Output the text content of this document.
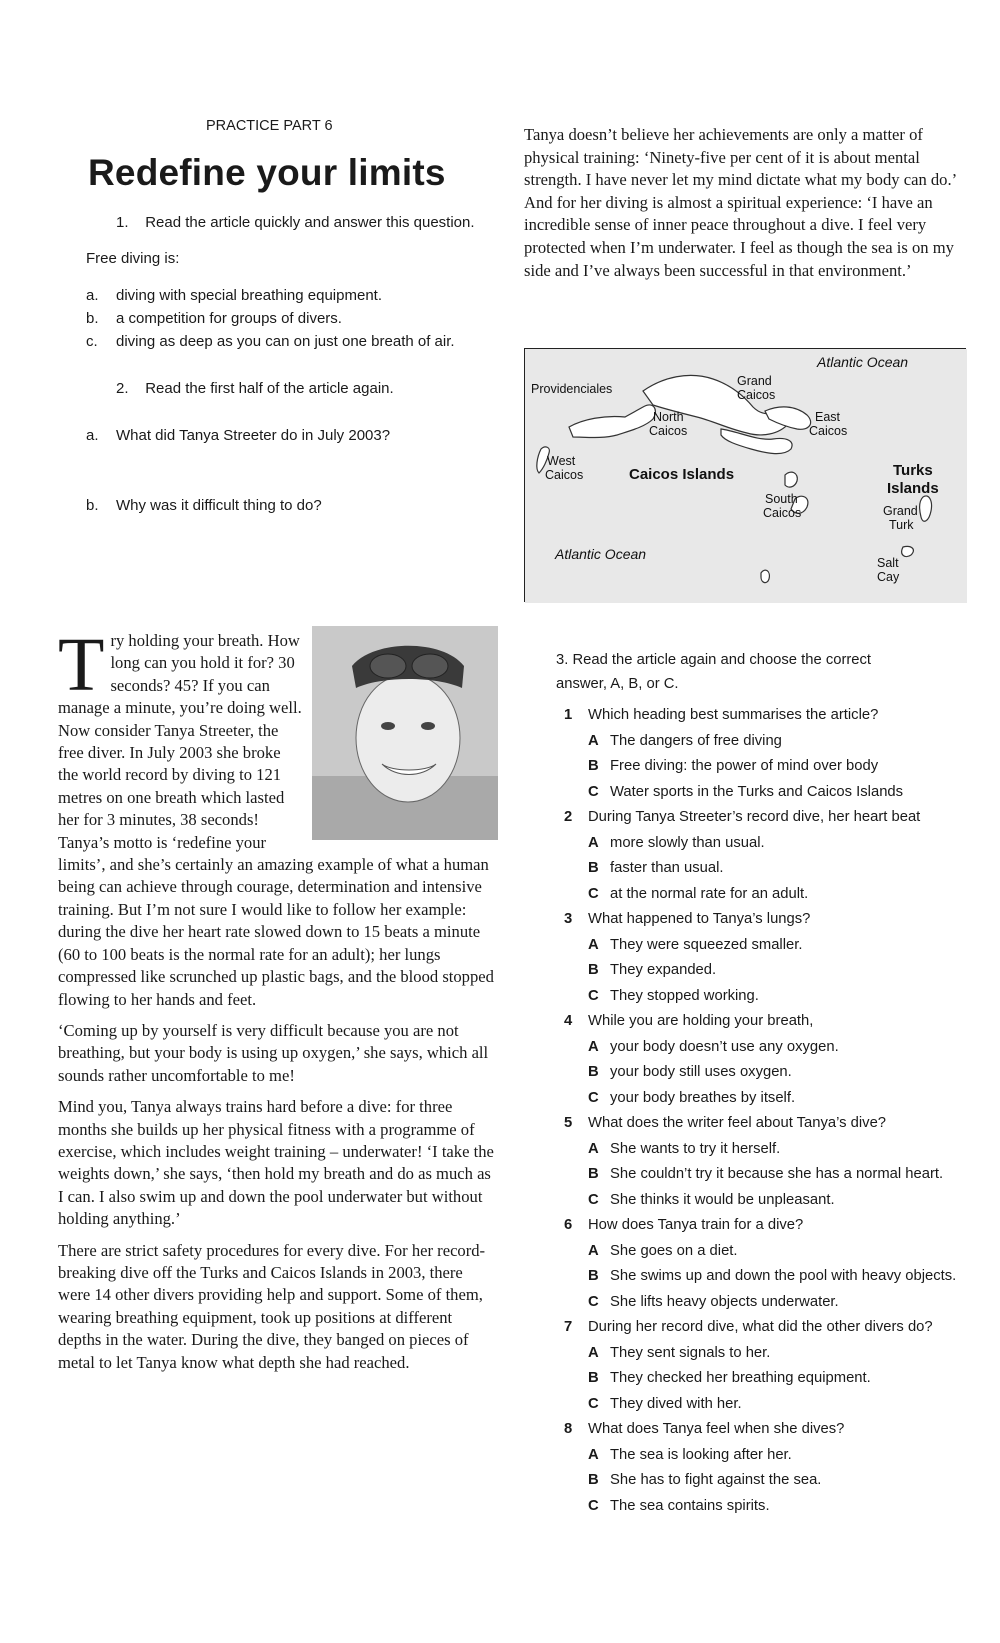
PRACTICE PART 6
Redefine your limits
1. Read the article quickly and answer this question.
Free diving is:
a. diving with special breathing equipment.
b. a competition for groups of divers.
c. diving as deep as you can on just one breath of air.
2. Read the first half of the article again.
a. What did Tanya Streeter do in July 2003?
b. Why was it difficult thing to do?

Tanya doesn’t believe her achievements are only a matter of physical training: ‘Ninety-five per cent of it is about mental strength. I have never let my mind dictate what my body can do.’ And for her diving is almost a spiritual experience: ‘I have an incredible sense of inner peace throughout a dive. I feel very protected when I’m underwater. I feel as though the sea is on my side and I’ve always been successful in that environment.’

Atlantic Ocean
Providenciales
Grand
Caicos
North
Caicos
East
Caicos
West
Caicos	Caicos Islands	Turks
Islands
South
Caicos	Grand
Turk
Atlantic Ocean
Salt
Cay

Try holding your breath. How long can you hold it for? 30 seconds? 45? If you can manage a minute, you’re doing well. Now consider Tanya Streeter, the free diver. In July 2003 she broke the world record by diving to 121 metres on one breath which lasted her for 3 minutes, 38 seconds! Tanya’s motto is ‘redefine your limits’, and she’s certainly an amazing example of what a human being can achieve through courage, determination and intensive training. But I’m not sure I would like to follow her example: during the dive her heart rate slowed down to 15 beats a minute (60 to 100 beats is the normal rate for an adult); her lungs compressed like scrunched up plastic bags, and the blood stopped flowing to her hands and feet.

‘Coming up by yourself is very difficult because you are not breathing, but your body is using up oxygen,’ she says, which all sounds rather uncomfortable to me!

Mind you, Tanya always trains hard before a dive: for three months she builds up her physical fitness with a programme of exercise, which includes weight training – underwater! ‘I take the weights down,’ she says, ‘then hold my breath and do as much as I can. I also swim up and down the pool underwater but without holding anything.’

There are strict safety procedures for every dive. For her record-breaking dive off the Turks and Caicos Islands in 2003, there were 14 other divers providing help and support. Some of them, wearing breathing equipment, took up positions at different depths in the water. During the dive, they banged on pieces of metal to let Tanya know what depth she had reached.

3. Read the article again and choose the correct
answer, A, B, or C.
1 Which heading best summarises the article?
A The dangers of free diving
B Free diving: the power of mind over body
C Water sports in the Turks and Caicos Islands
2 During Tanya Streeter’s record dive, her heart beat
A more slowly than usual.
B faster than usual.
C at the normal rate for an adult.
3 What happened to Tanya’s lungs?
A They were squeezed smaller.
B They expanded.
C They stopped working.
4 While you are holding your breath,
A your body doesn’t use any oxygen.
B your body still uses oxygen.
C your body breathes by itself.
5 What does the writer feel about Tanya’s dive?
A She wants to try it herself.
B She couldn’t try it because she has a normal heart.
C She thinks it would be unpleasant.
6 How does Tanya train for a dive?
A She goes on a diet.
B She swims up and down the pool with heavy objects.
C She lifts heavy objects underwater.
7 During her record dive, what did the other divers do?
A They sent signals to her.
B They checked her breathing equipment.
C They dived with her.
8 What does Tanya feel when she dives?
A The sea is looking after her.
B She has to fight against the sea.
C The sea contains spirits.
